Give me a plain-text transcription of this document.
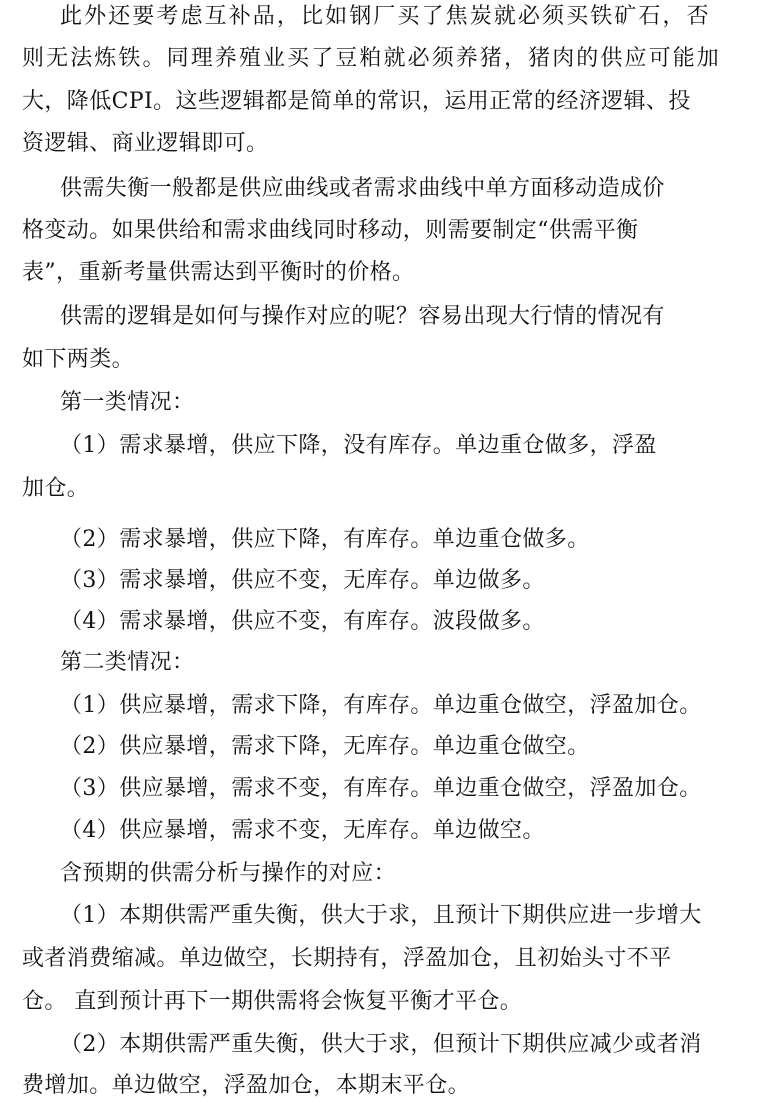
此外还要考虑互补品，比如钢厂买了焦炭就必须买铁矿石，否
则无法炼铁。同理养殖业买了豆粕就必须养猪，猪肉的供应可能加
大，降低CPI。这些逻辑都是简单的常识，运用正常的经济逻辑、投
资逻辑、商业逻辑即可。
供需失衡一般都是供应曲线或者需求曲线中单方面移动造成价
格变动。如果供给和需求曲线同时移动，则需要制定“供需平衡
表”，重新考量供需达到平衡时的价格。
供需的逻辑是如何与操作对应的呢？容易出现大行情的情况有
如下两类。
第一类情况：
（1）需求暴增，供应下降，没有库存。单边重仓做多，浮盈
加仓。
（2）需求暴增，供应下降，有库存。单边重仓做多。
（3）需求暴增，供应不变，无库存。单边做多。
（4）需求暴增，供应不变，有库存。波段做多。
第二类情况：
（1）供应暴增，需求下降，有库存。单边重仓做空，浮盈加仓。
（2）供应暴增，需求下降，无库存。单边重仓做空。
（3）供应暴增，需求不变，有库存。单边重仓做空，浮盈加仓。
（4）供应暴增，需求不变，无库存。单边做空。
含预期的供需分析与操作的对应：
（1）本期供需严重失衡，供大于求，且预计下期供应进一步增大
或者消费缩减。单边做空，长期持有，浮盈加仓，且初始头寸不平
仓。 直到预计再下一期供需将会恢复平衡才平仓。
（2）本期供需严重失衡，供大于求，但预计下期供应减少或者消
费增加。单边做空，浮盈加仓，本期末平仓。
